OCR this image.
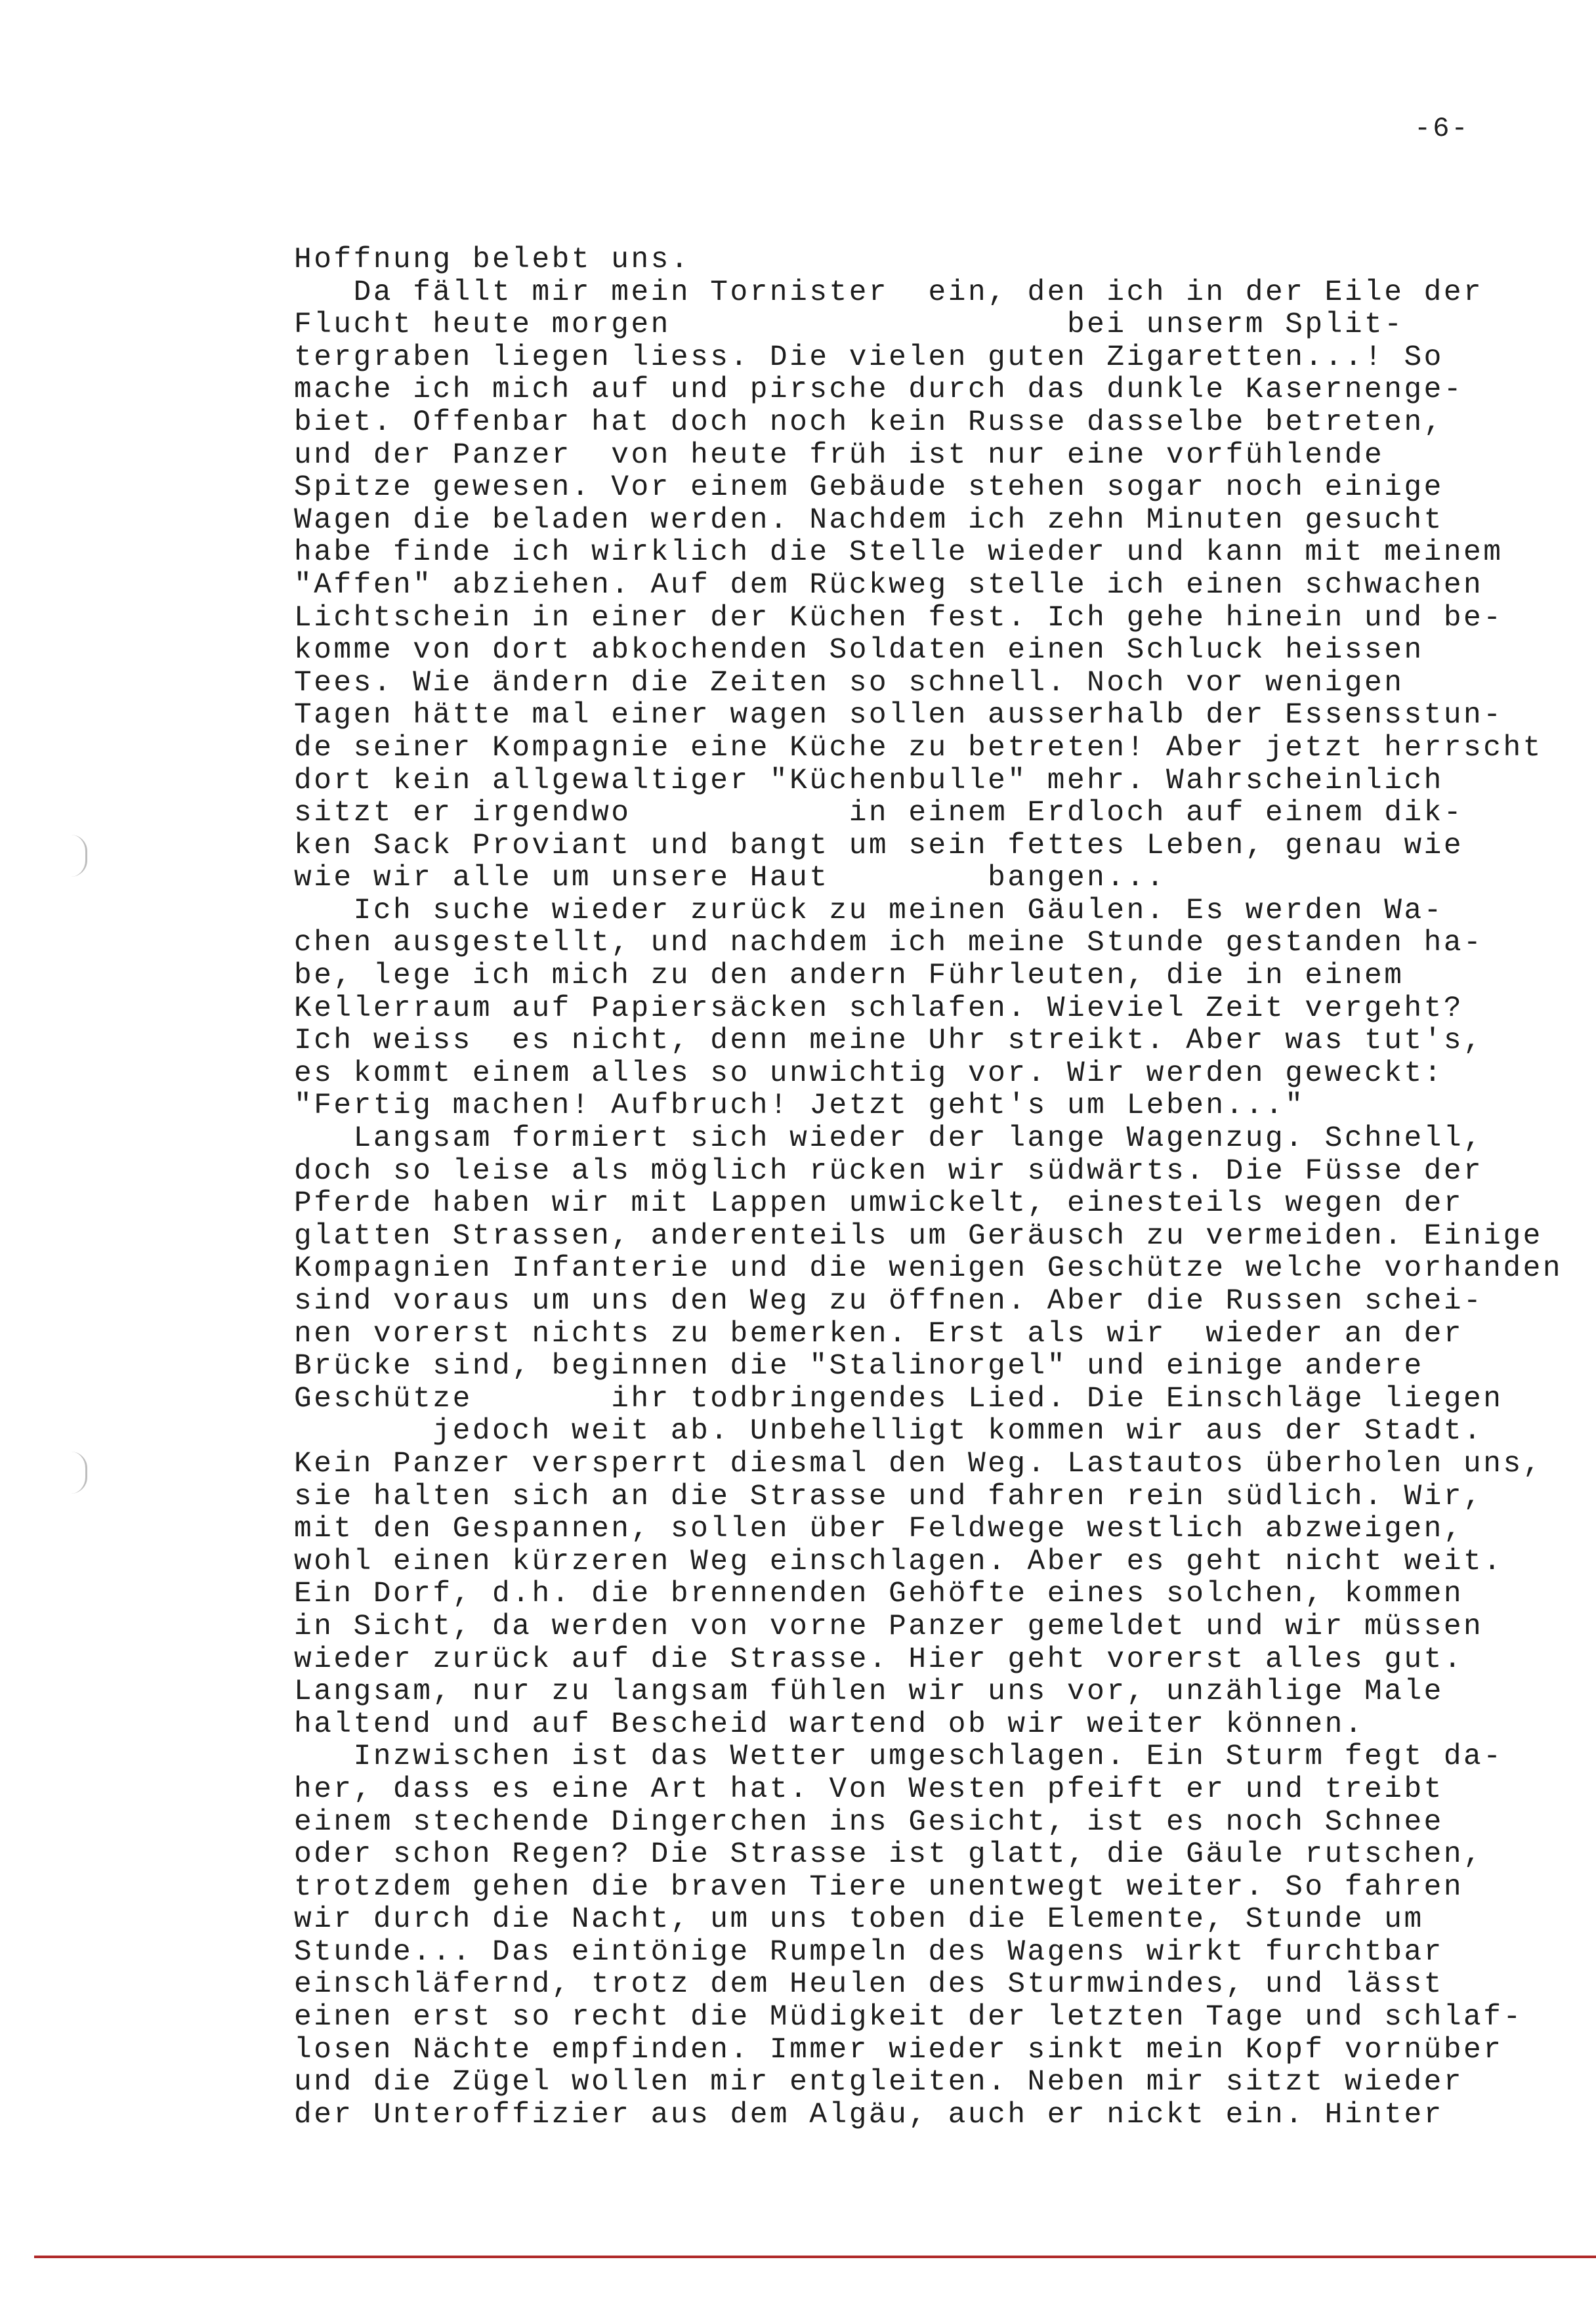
-6-
Hoffnung belebt uns.
Da fällt mir mein Tornister  ein, den ich in der Eile der
Flucht heute morgen                    bei unserm Split-
tergraben liegen liess. Die vielen guten Zigaretten...! So
mache ich mich auf und pirsche durch das dunkle Kasernenge-
biet. Offenbar hat doch noch kein Russe dasselbe betreten,
und der Panzer  von heute früh ist nur eine vorfühlende
Spitze gewesen. Vor einem Gebäude stehen sogar noch einige
Wagen die beladen werden. Nachdem ich zehn Minuten gesucht
habe finde ich wirklich die Stelle wieder und kann mit meinem
"Affen" abziehen. Auf dem Rückweg stelle ich einen schwachen
Lichtschein in einer der Küchen fest. Ich gehe hinein und be-
komme von dort abkochenden Soldaten einen Schluck heissen
Tees. Wie ändern die Zeiten so schnell. Noch vor wenigen
Tagen hätte mal einer wagen sollen ausserhalb der Essensstun-
de seiner Kompagnie eine Küche zu betreten! Aber jetzt herrscht
dort kein allgewaltiger "Küchenbulle" mehr. Wahrscheinlich
sitzt er irgendwo           in einem Erdloch auf einem dik-
ken Sack Proviant und bangt um sein fettes Leben, genau wie
wie wir alle um unsere Haut        bangen...
Ich suche wieder zurück zu meinen Gäulen. Es werden Wa-
chen ausgestellt, und nachdem ich meine Stunde gestanden ha-
be, lege ich mich zu den andern Führleuten, die in einem
Kellerraum auf Papiersäcken schlafen. Wieviel Zeit vergeht?
Ich weiss  es nicht, denn meine Uhr streikt. Aber was tut's,
es kommt einem alles so unwichtig vor. Wir werden geweckt:
"Fertig machen! Aufbruch! Jetzt geht's um Leben..."
Langsam formiert sich wieder der lange Wagenzug. Schnell,
doch so leise als möglich rücken wir südwärts. Die Füsse der
Pferde haben wir mit Lappen umwickelt, einesteils wegen der
glatten Strassen, anderenteils um Geräusch zu vermeiden. Einige
Kompagnien Infanterie und die wenigen Geschütze welche vorhanden
sind voraus um uns den Weg zu öffnen. Aber die Russen schei-
nen vorerst nichts zu bemerken. Erst als wir  wieder an der
Brücke sind, beginnen die "Stalinorgel" und einige andere
Geschütze       ihr todbringendes Lied. Die Einschläge liegen
jedoch weit ab. Unbehelligt kommen wir aus der Stadt.
Kein Panzer versperrt diesmal den Weg. Lastautos überholen uns,
sie halten sich an die Strasse und fahren rein südlich. Wir,
mit den Gespannen, sollen über Feldwege westlich abzweigen,
wohl einen kürzeren Weg einschlagen. Aber es geht nicht weit.
Ein Dorf, d.h. die brennenden Gehöfte eines solchen, kommen
in Sicht, da werden von vorne Panzer gemeldet und wir müssen
wieder zurück auf die Strasse. Hier geht vorerst alles gut.
Langsam, nur zu langsam fühlen wir uns vor, unzählige Male
haltend und auf Bescheid wartend ob wir weiter können.
Inzwischen ist das Wetter umgeschlagen. Ein Sturm fegt da-
her, dass es eine Art hat. Von Westen pfeift er und treibt
einem stechende Dingerchen ins Gesicht, ist es noch Schnee
oder schon Regen? Die Strasse ist glatt, die Gäule rutschen,
trotzdem gehen die braven Tiere unentwegt weiter. So fahren
wir durch die Nacht, um uns toben die Elemente, Stunde um
Stunde... Das eintönige Rumpeln des Wagens wirkt furchtbar
einschläfernd, trotz dem Heulen des Sturmwindes, und lässt
einen erst so recht die Müdigkeit der letzten Tage und schlaf-
losen Nächte empfinden. Immer wieder sinkt mein Kopf vornüber
und die Zügel wollen mir entgleiten. Neben mir sitzt wieder
der Unteroffizier aus dem Algäu, auch er nickt ein. Hinter
